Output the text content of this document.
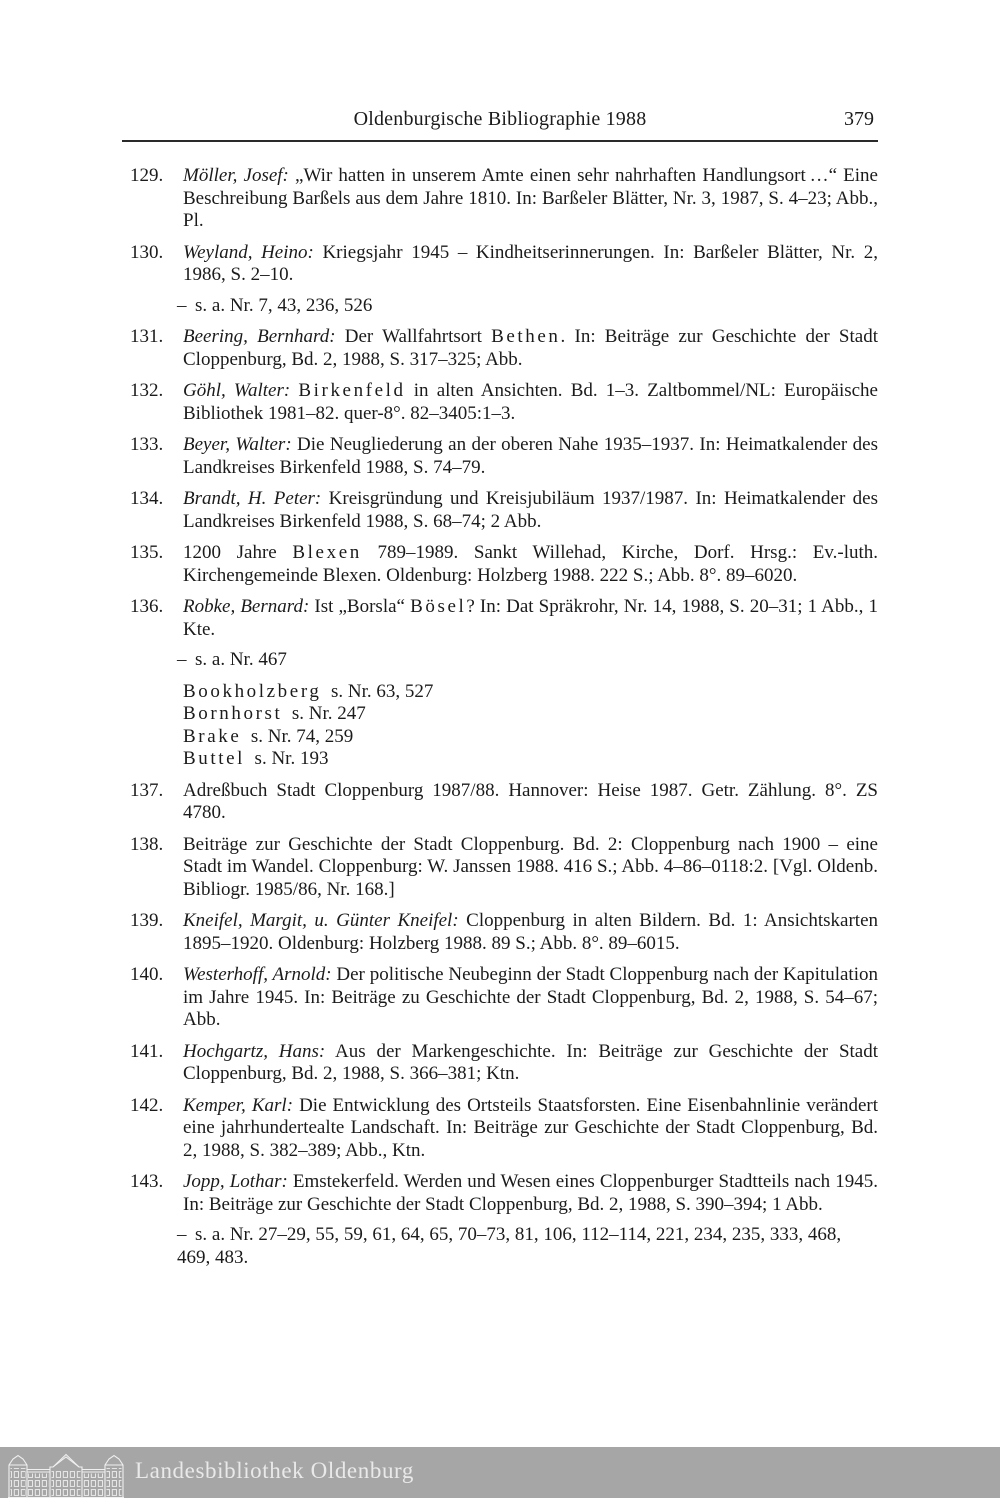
Oldenburgische Bibliographie 1988	379
129.	Möller, Josef: „Wir hatten in unserem Amte einen sehr nahrhaften Handlungsort …“ Eine Beschreibung Barßels aus dem Jahre 1810. In: Barßeler Blätter, Nr. 3, 1987, S. 4–23; Abb., Pl.
130.	Weyland, Heino: Kriegsjahr 1945 – Kindheitserinnerungen. In: Barßeler Blätter, Nr. 2, 1986, S. 2–10.
– s. a. Nr. 7, 43, 236, 526
131.	Beering, Bernhard: Der Wallfahrtsort Bethen. In: Beiträge zur Geschichte der Stadt Cloppenburg, Bd. 2, 1988, S. 317–325; Abb.
132.	Göhl, Walter: Birkenfeld in alten Ansichten. Bd. 1–3. Zaltbommel/NL: Europäische Bibliothek 1981–82. quer-8°. 82–3405:1–3.
133.	Beyer, Walter: Die Neugliederung an der oberen Nahe 1935–1937. In: Heimatkalender des Landkreises Birkenfeld 1988, S. 74–79.
134.	Brandt, H. Peter: Kreisgründung und Kreisjubiläum 1937/1987. In: Heimatkalender des Landkreises Birkenfeld 1988, S. 68–74; 2 Abb.
135.	1200 Jahre Blexen 789–1989. Sankt Willehad, Kirche, Dorf. Hrsg.: Ev.-luth. Kirchengemeinde Blexen. Oldenburg: Holzberg 1988. 222 S.; Abb. 8°. 89–6020.
136.	Robke, Bernard: Ist „Borsla“ Bösel? In: Dat Spräkrohr, Nr. 14, 1988, S. 20–31; 1 Abb., 1 Kte.
– s. a. Nr. 467
Bookholzberg s. Nr. 63, 527
Bornhorst s. Nr. 247
Brake s. Nr. 74, 259
Buttel s. Nr. 193
137.	Adreßbuch Stadt Cloppenburg 1987/88. Hannover: Heise 1987. Getr. Zählung. 8°. ZS 4780.
138.	Beiträge zur Geschichte der Stadt Cloppenburg. Bd. 2: Cloppenburg nach 1900 – eine Stadt im Wandel. Cloppenburg: W. Janssen 1988. 416 S.; Abb. 4–86–0118:2. [Vgl. Oldenb. Bibliogr. 1985/86, Nr. 168.]
139.	Kneifel, Margit, u. Günter Kneifel: Cloppenburg in alten Bildern. Bd. 1: Ansichtskarten 1895–1920. Oldenburg: Holzberg 1988. 89 S.; Abb. 8°. 89–6015.
140.	Westerhoff, Arnold: Der politische Neubeginn der Stadt Cloppenburg nach der Kapitulation im Jahre 1945. In: Beiträge zu Geschichte der Stadt Cloppenburg, Bd. 2, 1988, S. 54–67; Abb.
141.	Hochgartz, Hans: Aus der Markengeschichte. In: Beiträge zur Geschichte der Stadt Cloppenburg, Bd. 2, 1988, S. 366–381; Ktn.
142.	Kemper, Karl: Die Entwicklung des Ortsteils Staatsforsten. Eine Eisenbahnlinie verändert eine jahrhundertealte Landschaft. In: Beiträge zur Geschichte der Stadt Cloppenburg, Bd. 2, 1988, S. 382–389; Abb., Ktn.
143.	Jopp, Lothar: Emstekerfeld. Werden und Wesen eines Cloppenburger Stadtteils nach 1945. In: Beiträge zur Geschichte der Stadt Cloppenburg, Bd. 2, 1988, S. 390–394; 1 Abb.
– s. a. Nr. 27–29, 55, 59, 61, 64, 65, 70–73, 81, 106, 112–114, 221, 234, 235, 333, 468, 469, 483.
Landesbibliothek Oldenburg
